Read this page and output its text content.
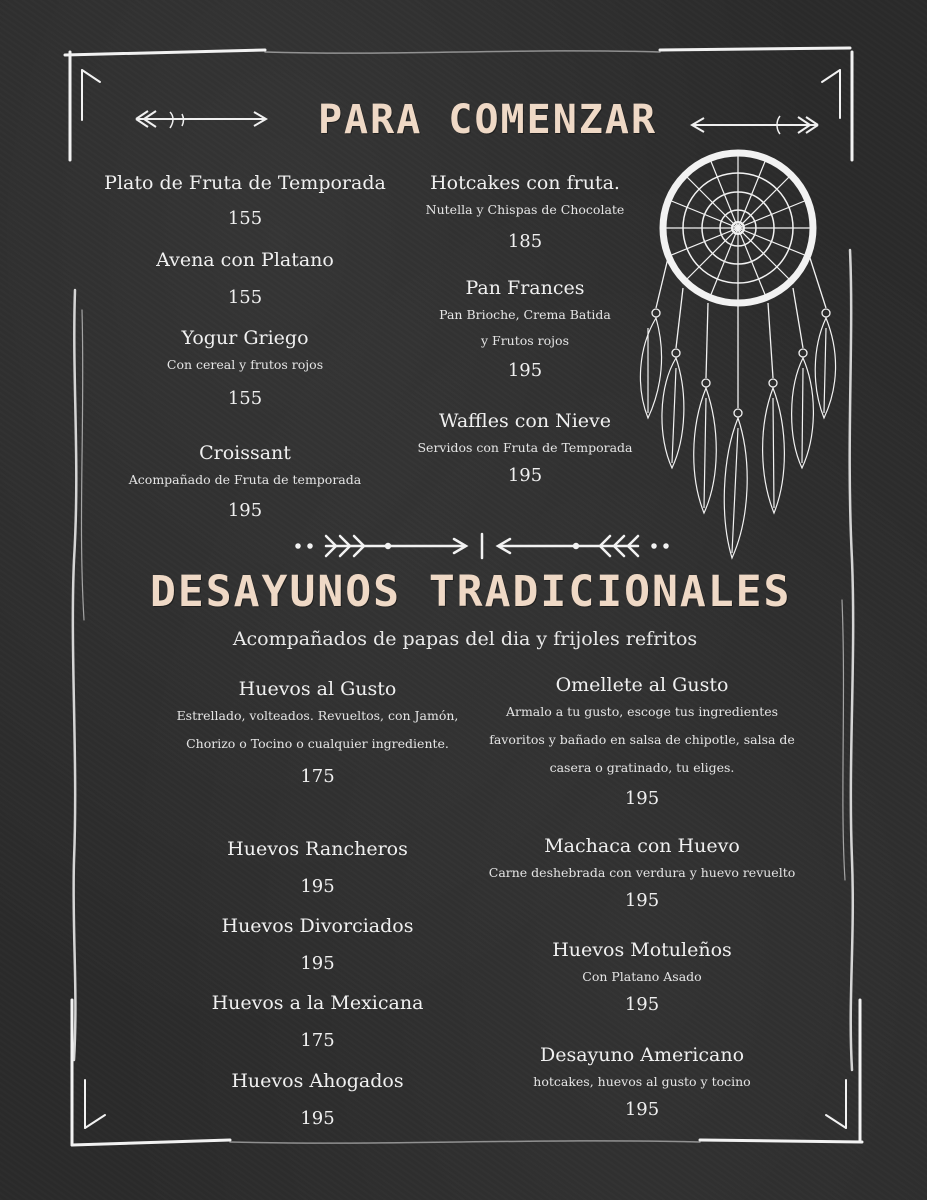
PARA COMENZAR
Plato de Fruta de Temporada
155
Avena con Platano
155
Yogur Griego
Con cereal y frutos rojos
155
Croissant
Acompañado de Fruta de temporada
195
Hotcakes con fruta.
Nutella y Chispas de Chocolate
185
Pan Frances
Pan Brioche, Crema Batida
y Frutos rojos
195
Waffles con Nieve
Servidos con Fruta de Temporada
195
DESAYUNOS TRADICIONALES
Acompañados de papas del dia y frijoles refritos
Huevos al Gusto
Estrellado, volteados. Revueltos, con Jamón, Chorizo o Tocino o cualquier ingrediente.
175
Huevos Rancheros
195
Huevos Divorciados
195
Huevos a la Mexicana
175
Huevos Ahogados
195
Omellete al Gusto
Armalo a tu gusto, escoge tus ingredientes favoritos y bañado en salsa de chipotle, salsa de casera o gratinado, tu eliges.
195
Machaca con Huevo
Carne deshebrada con verdura y huevo revuelto
195
Huevos Motuleños
Con Platano Asado
195
Desayuno Americano
hotcakes, huevos al gusto y tocino
195
